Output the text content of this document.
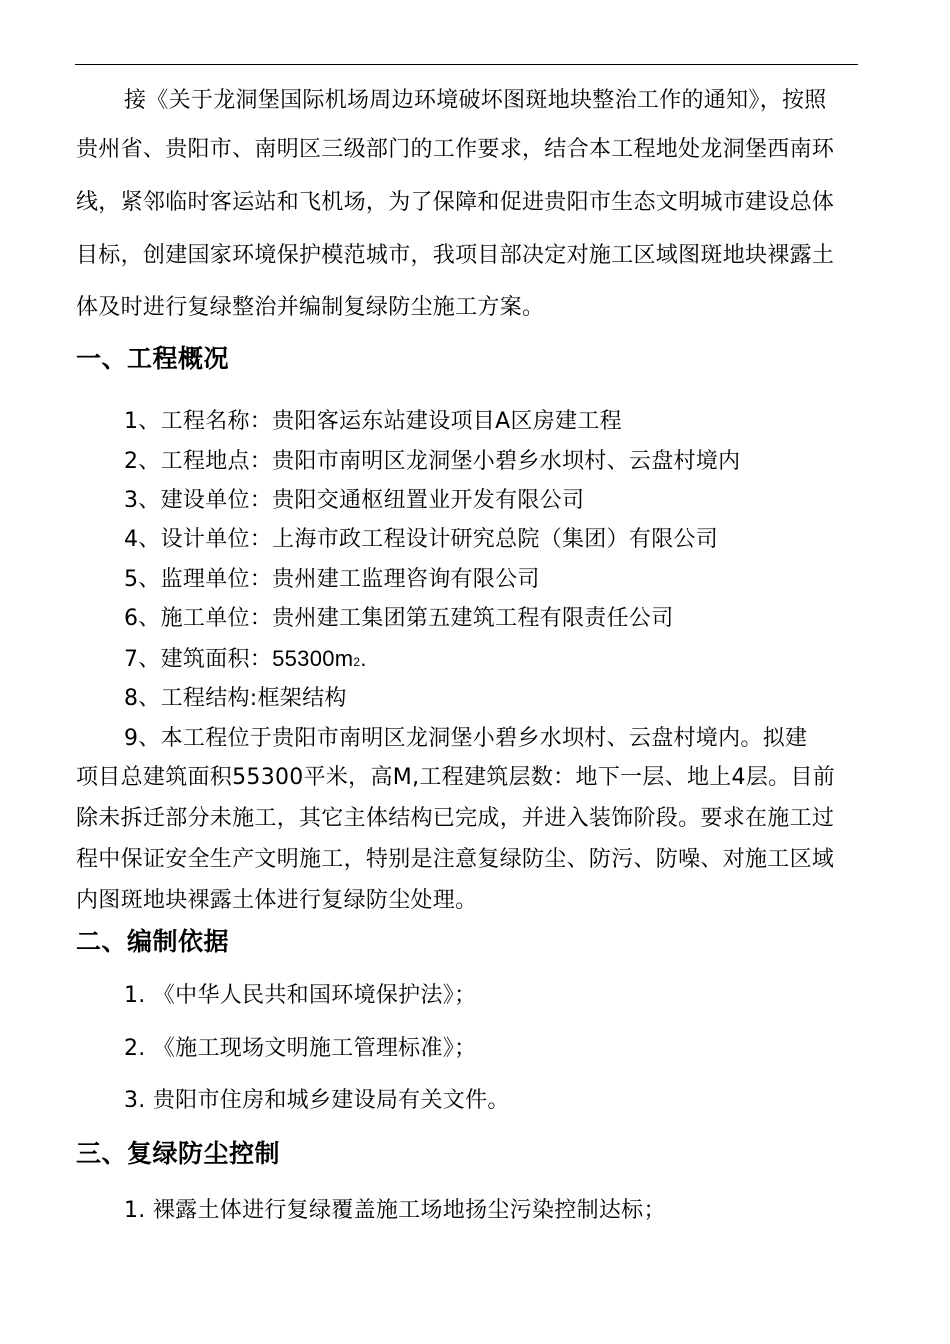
接《关于龙洞堡国际机场周边环境破坏图斑地块整治工作的通知》，按照
贵州省、贵阳市、南明区三级部门的工作要求，结合本工程地处龙洞堡西南环
线，紧邻临时客运站和飞机场，为了保障和促进贵阳市生态文明城市建设总体
目标，创建国家环境保护模范城市，我项目部决定对施工区域图斑地块裸露土
体及时进行复绿整治并编制复绿防尘施工方案。
一、工程概况
1、工程名称：贵阳客运东站建设项目A区房建工程
2、工程地点：贵阳市南明区龙洞堡小碧乡水坝村、云盘村境内
3、建设单位：贵阳交通枢纽置业开发有限公司
4、设计单位：上海市政工程设计研究总院（集团）有限公司
5、监理单位：贵州建工监理咨询有限公司
6、施工单位：贵州建工集团第五建筑工程有限责任公司
7、建筑面积：55300m2.
8、工程结构:框架结构
9、本工程位于贵阳市南明区龙洞堡小碧乡水坝村、云盘村境内。拟建
项目总建筑面积55300平米，高M,工程建筑层数：地下一层、地上4层。目前
除未拆迁部分未施工，其它主体结构已完成，并进入装饰阶段。要求在施工过
程中保证安全生产文明施工，特别是注意复绿防尘、防污、防噪、对施工区域
内图斑地块裸露土体进行复绿防尘处理。
二、编制依据
1. 《中华人民共和国环境保护法》；
2. 《施工现场文明施工管理标准》；
3. 贵阳市住房和城乡建设局有关文件。
三、复绿防尘控制
1. 裸露土体进行复绿覆盖施工场地扬尘污染控制达标；
